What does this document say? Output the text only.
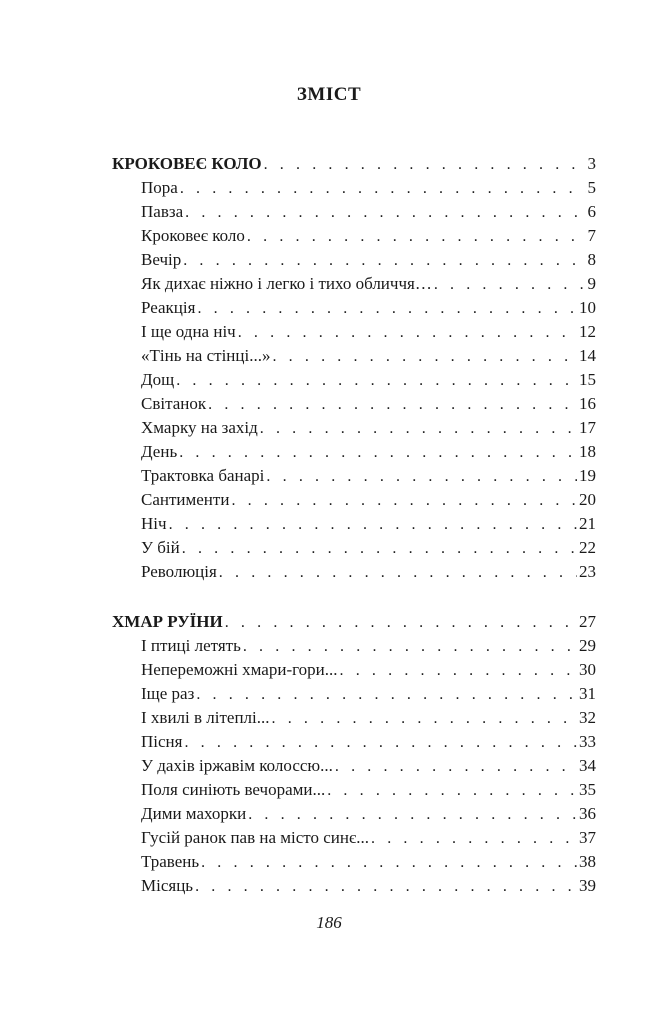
ЗМІСТ
КРОКОВЕЄ КОЛО . . .	3
Пора . . .	5
Павза . . .	6
Кроковеє коло . . .	7
Вечір . . .	8
Як дихає ніжно і легко і тихо обличчя… . . .	9
Реакція . . .	10
І ще одна ніч . . .	12
«Тінь на стінці...» . . .	14
Дощ . . .	15
Світанок . . .	16
Хмарку на захід . . .	17
День . . .	18
Трактовка банаpі . . .	19
Сантименти . . .	20
Ніч . . .	21
У бій . . .	22
Революція . . .	23
ХМАР РУЇНИ . . .	27
І птиці летять . . .	29
Непереможні хмари-гори... . . .	30
Іще раз . . .	31
І хвилі в літеплі... . . .	32
Пісня . . .	33
У дахів іржавім колоссю... . . .	34
Поля синіють вечорами... . . .	35
Дими махорки . . .	36
Гусій ранок пав на місто синє... . . .	37
Травень . . .	38
Місяць . . .	39
186
